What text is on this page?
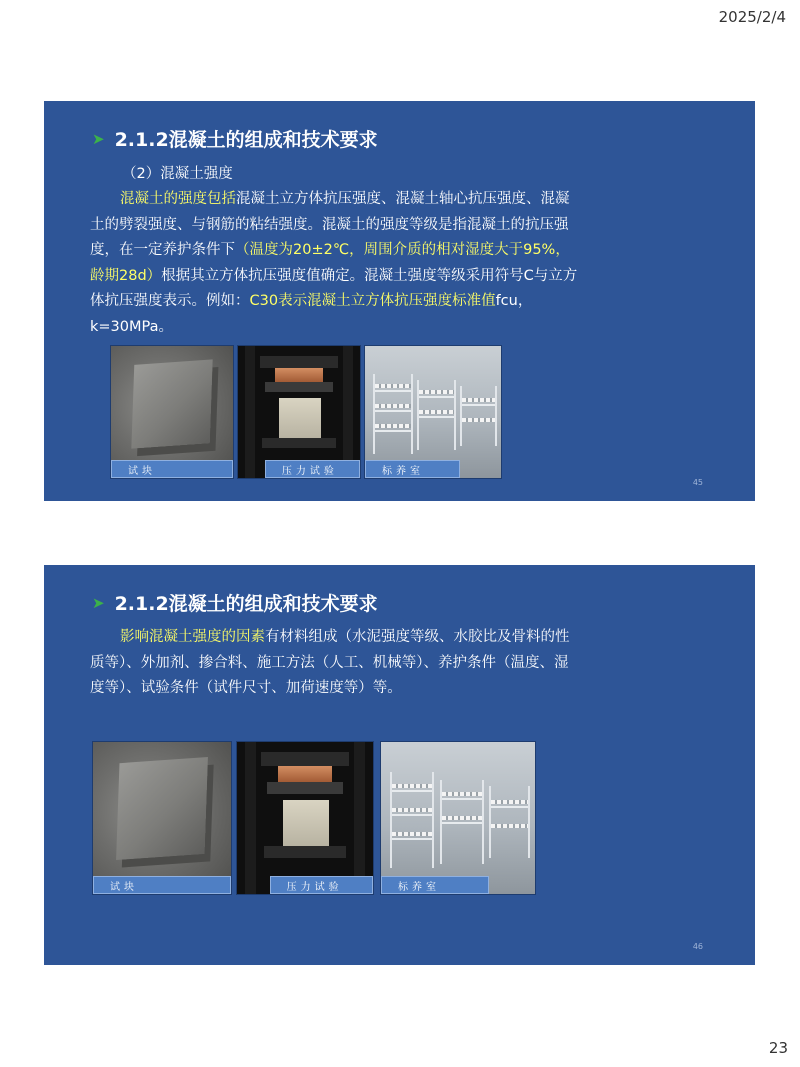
2025/2/4
➤ 2.1.2混凝土的组成和技术要求
（2）混凝土强度
混凝土的强度包括混凝土立方体抗压强度、混凝土轴心抗压强度、混凝土的劈裂强度、与钢筋的粘结强度。混凝土的强度等级是指混凝土的抗压强度，在一定养护条件下（温度为20±2℃，周围介质的相对湿度大于95%，龄期28d）根据其立方体抗压强度值确定。混凝土强度等级采用符号C与立方体抗压强度表示。例如：C30表示混凝土立方体抗压强度标准值fcu，k=30MPa。
试块	压力试验	标养室
45
➤ 2.1.2混凝土的组成和技术要求
影响混凝土强度的因素有材料组成（水泥强度等级、水胶比及骨料的性质等）、外加剂、掺合料、施工方法（人工、机械等）、养护条件（温度、湿度等）、试验条件（试件尺寸、加荷速度等）等。
试块	压力试验	标养室
46
23
